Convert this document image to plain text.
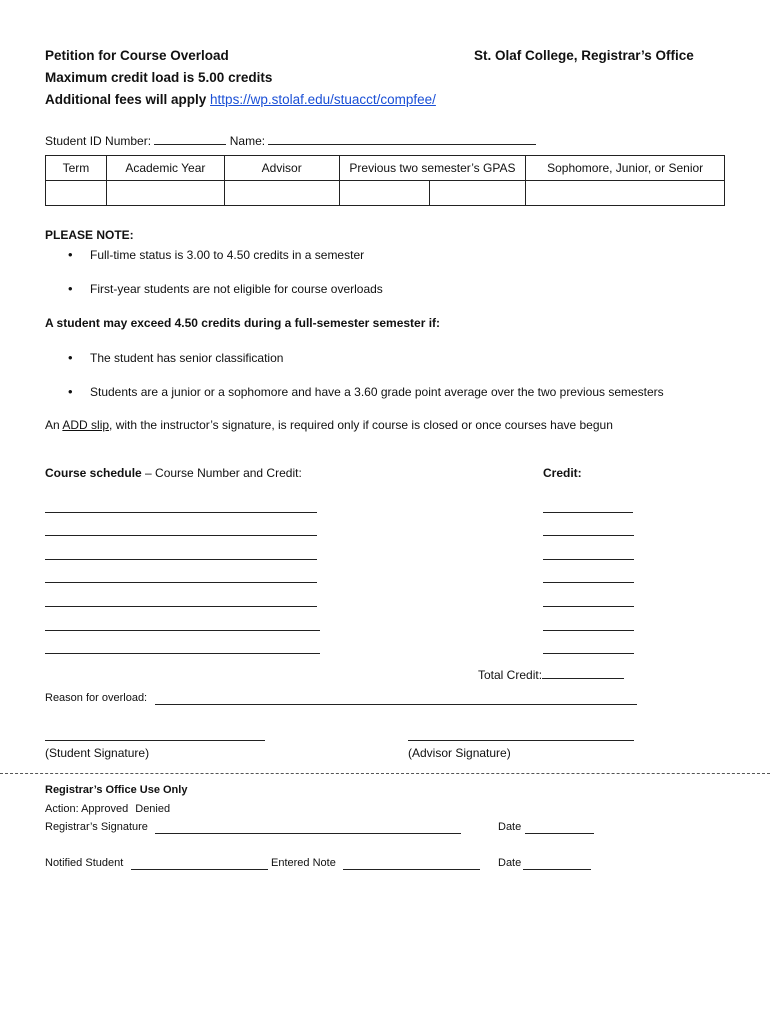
Petition for Course Overload	St. Olaf College, Registrar’s Office
Maximum credit load is 5.00 credits
Additional fees will apply https://wp.stolaf.edu/stuacct/compfee/
Student ID Number:	Name:
Term	Academic Year	Advisor	Previous two semester’s GPAS		Sophomore, Junior, or Senior

PLEASE NOTE:
• Full-time status is 3.00 to 4.50 credits in a semester
• First-year students are not eligible for course overloads
A student may exceed 4.50 credits during a full-semester semester if:
• The student has senior classification
• Students are a junior or a sophomore and have a 3.60 grade point average over the two previous semesters
An ADD slip, with the instructor’s signature, is required only if course is closed or once courses have begun
Course schedule – Course Number and Credit:	Credit:
Total Credit:
Reason for overload:
(Student Signature)	(Advisor Signature)
Registrar’s Office Use Only
Action: Approved Denied
Registrar’s Signature	Date
Notified Student	Entered Note	Date
